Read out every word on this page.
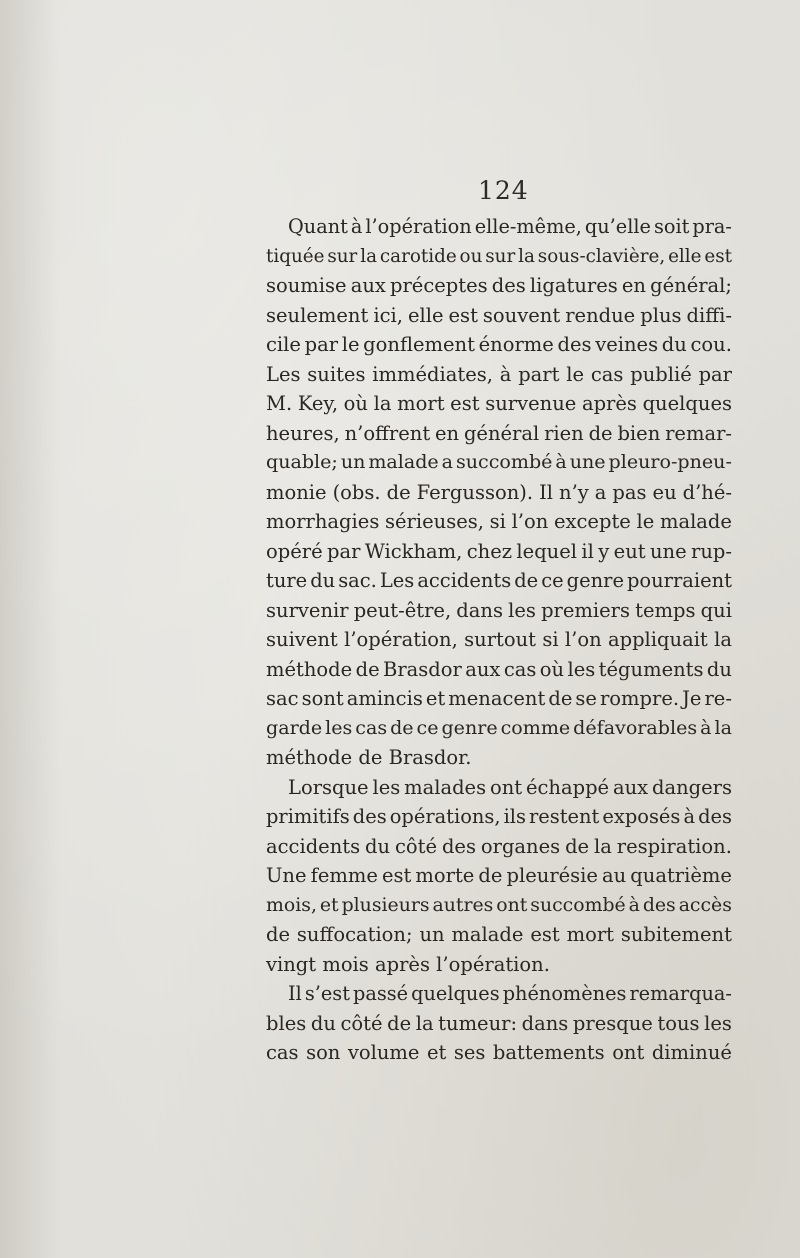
124
Quant à l’opération elle-même, qu’elle soit pra-
tiquée sur la carotide ou sur la sous-clavière, elle est
soumise aux préceptes des ligatures en général;
seulement ici, elle est souvent rendue plus diffi-
cile par le gonflement énorme des veines du cou.
Les suites immédiates, à part le cas publié par
M. Key, où la mort est survenue après quelques
heures, n’offrent en général rien de bien remar-
quable; un malade a succombé à une pleuro-pneu-
monie (obs. de Fergusson). Il n’y a pas eu d’hé-
morrhagies sérieuses, si l’on excepte le malade
opéré par Wickham, chez lequel il y eut une rup-
ture du sac. Les accidents de ce genre pourraient
survenir peut-être, dans les premiers temps qui
suivent l’opération, surtout si l’on appliquait la
méthode de Brasdor aux cas où les téguments du
sac sont amincis et menacent de se rompre. Je re-
garde les cas de ce genre comme défavorables à la
méthode de Brasdor.
Lorsque les malades ont échappé aux dangers
primitifs des opérations, ils restent exposés à des
accidents du côté des organes de la respiration.
Une femme est morte de pleurésie au quatrième
mois, et plusieurs autres ont succombé à des accès
de suffocation; un malade est mort subitement
vingt mois après l’opération.
Il s’est passé quelques phénomènes remarqua-
bles du côté de la tumeur: dans presque tous les
cas son volume et ses battements ont diminué
